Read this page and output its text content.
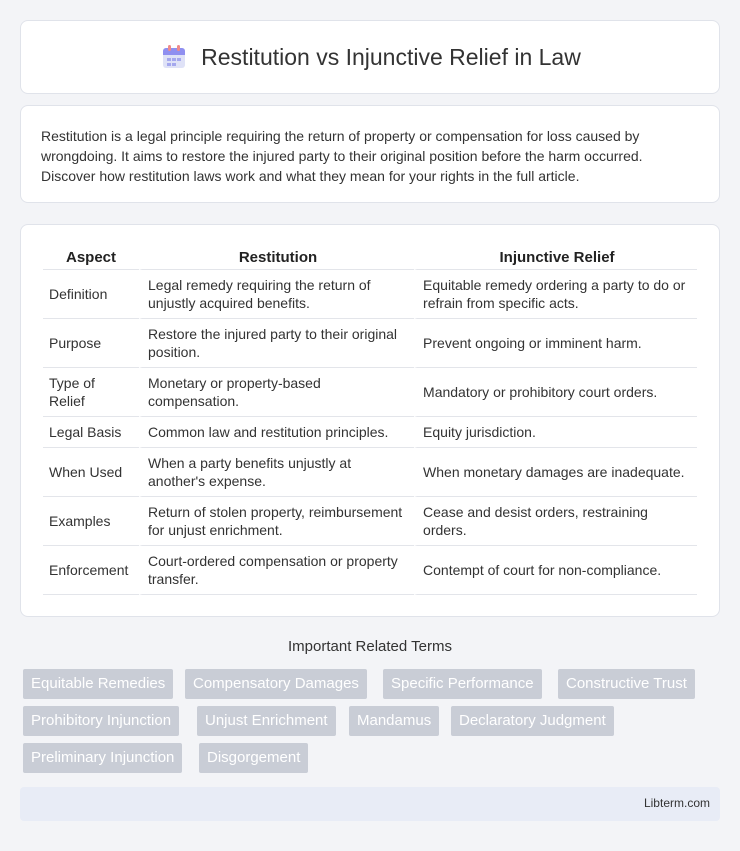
Restitution vs Injunctive Relief in Law

Restitution is a legal principle requiring the return of property or compensation for loss caused by wrongdoing. It aims to restore the injured party to their original position before the harm occurred. Discover how restitution laws work and what they mean for your rights in the full article.

Aspect	Restitution	Injunctive Relief
Definition	Legal remedy requiring the return of unjustly acquired benefits.	Equitable remedy ordering a party to do or refrain from specific acts.
Purpose	Restore the injured party to their original position.	Prevent ongoing or imminent harm.
Type of Relief	Monetary or property-based compensation.	Mandatory or prohibitory court orders.
Legal Basis	Common law and restitution principles.	Equity jurisdiction.
When Used	When a party benefits unjustly at another's expense.	When monetary damages are inadequate.
Examples	Return of stolen property, reimbursement for unjust enrichment.	Cease and desist orders, restraining orders.
Enforcement	Court-ordered compensation or property transfer.	Contempt of court for non-compliance.
Important Related Terms
Equitable Remedies	Compensatory Damages	Specific Performance	Constructive Trust
Prohibitory Injunction	Unjust Enrichment	Mandamus	Declaratory Judgment
Preliminary Injunction	Disgorgement
Libterm.com
